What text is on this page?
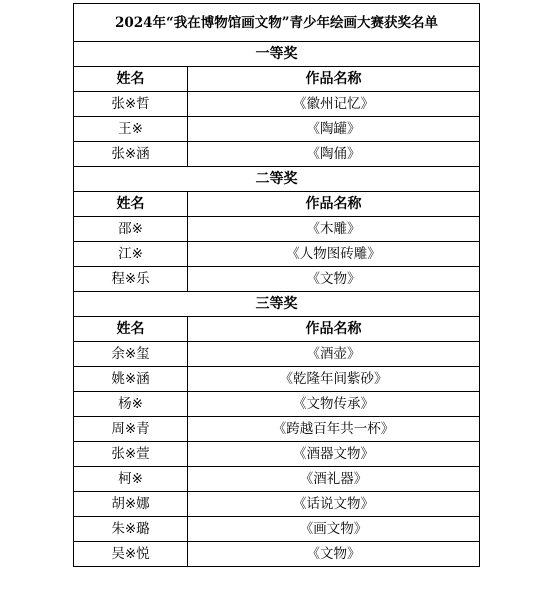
2024年“我在博物馆画文物”青少年绘画大赛获奖名单	
一等奖	
姓名	作品名称
张※哲	《徽州记忆》
王※	《陶罐》
张※涵	《陶俑》
二等奖	
姓名	作品名称
邵※	《木雕》
江※	《人物图砖雕》
程※乐	《文物》
三等奖	
姓名	作品名称
余※玺	《酒壶》
姚※涵	《乾隆年间紫砂》
杨※	《文物传承》
周※青	《跨越百年共一杯》
张※萱	《酒器文物》
柯※	《酒礼器》
胡※娜	《话说文物》
朱※璐	《画文物》
吴※悦	《文物》
